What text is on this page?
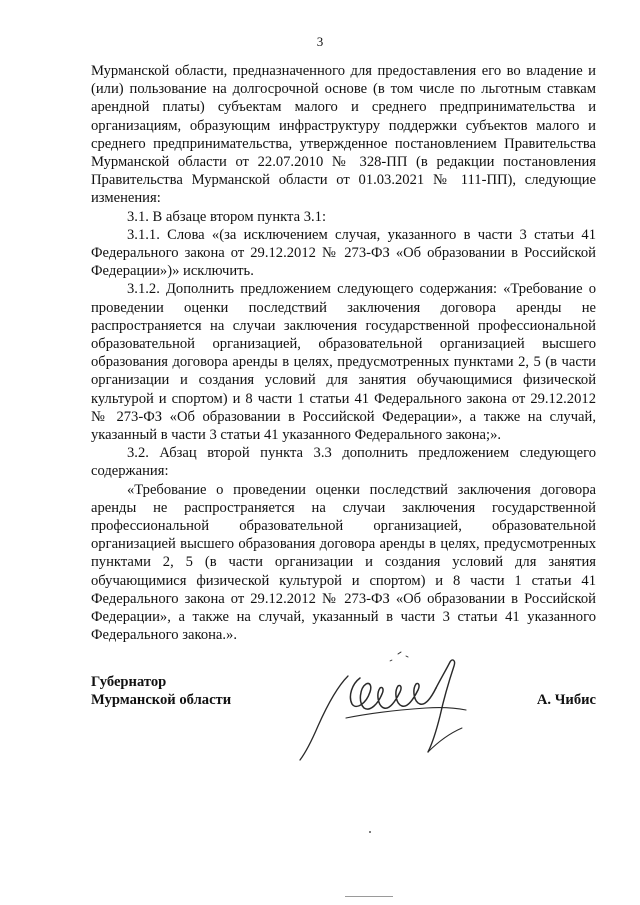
3

Мурманской области, предназначенного для предоставления его во владение и (или) пользование на долгосрочной основе (в том числе по льготным ставкам арендной платы) субъектам малого и среднего предпринимательства и организациям, образующим инфраструктуру поддержки субъектов малого и среднего предпринимательства, утвержденное постановлением Правительства Мурманской области от 22.07.2010 № 328-ПП (в редакции постановления Правительства Мурманской области от 01.03.2021 № 111-ПП), следующие изменения:

3.1. В абзаце втором пункта 3.1:

3.1.1. Слова «(за исключением случая, указанного в части 3 статьи 41 Федерального закона от 29.12.2012 № 273-ФЗ «Об образовании в Российской Федерации»)» исключить.

3.1.2. Дополнить предложением следующего содержания: «Требование о проведении оценки последствий заключения договора аренды не распространяется на случаи заключения государственной профессиональной образовательной организацией, образовательной организацией высшего образования договора аренды в целях, предусмотренных пунктами 2, 5 (в части организации и создания условий для занятия обучающимися физической культурой и спортом) и 8 части 1 статьи 41 Федерального закона от 29.12.2012 № 273-ФЗ «Об образовании в Российской Федерации», а также на случай, указанный в части 3 статьи 41 указанного Федерального закона;».

3.2. Абзац второй пункта 3.3 дополнить предложением следующего содержания:

«Требование о проведении оценки последствий заключения договора аренды не распространяется на случаи заключения государственной профессиональной образовательной организацией, образовательной организацией высшего образования договора аренды в целях, предусмотренных пунктами 2, 5 (в части организации и создания условий для занятия обучающимися физической культурой и спортом) и 8 части 1 статьи 41 Федерального закона от 29.12.2012 № 273-ФЗ «Об образовании в Российской Федерации», а также на случай, указанный в части 3 статьи 41 указанного Федерального закона.».

Губернатор
Мурманской области	А. Чибис
